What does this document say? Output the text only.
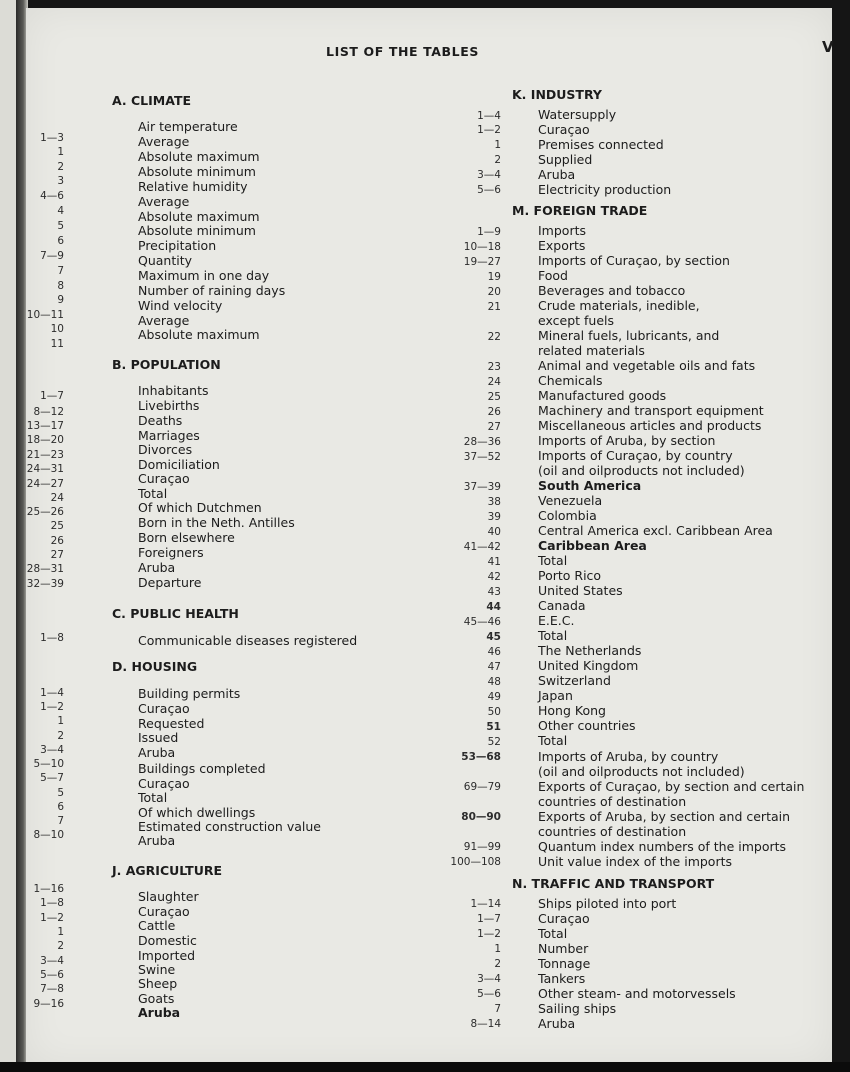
LIST OF THE TABLES	V
1—3
1
2
3
4—6
4
5
6
7—9
7
8
9
10—11
10
11
1—7
8—12
13—17
18—20
21—23
24—31
24—27
24
25—26
25
26
27
28—31
32—39
1—8
1—4
1—2
1
2
3—4
5—10
5—7
5
6
7
8—10
1—16
1—8
1—2
1
2
3—4
5—6
7—8
9—16
A. CLIMATE
Air temperature
Average
Absolute maximum
Absolute minimum
Relative humidity
Average
Absolute maximum
Absolute minimum
Precipitation
Quantity
Maximum in one day
Number of raining days
Wind velocity
Average
Absolute maximum
B. POPULATION
Inhabitants
Livebirths
Deaths
Marriages
Divorces
Domiciliation
Curaçao
Total
Of which Dutchmen
Born in the Neth. Antilles
Born elsewhere
Foreigners
Aruba
Departure
C. PUBLIC HEALTH
Communicable diseases registered
D. HOUSING
Building permits
Curaçao
Requested
Issued
Aruba
Buildings completed
Curaçao
Total
Of which dwellings
Estimated construction value
Aruba
J. AGRICULTURE
Slaughter
Curaçao
Cattle
Domestic
Imported
Swine
Sheep
Goats
Aruba
1—4
1—2
1
2
3—4
5—6
1—9
10—18
19—27
19
20
21
22
23
24
25
26
27
28—36
37—52
37—39
38
39
40
41—42
41
42
43
44
45—46
45
46
47
48
49
50
51
52
53—68
69—79
80—90
91—99
100—108
1—14
1—7
1—2
1
2
3—4
5—6
7
8—14
K. INDUSTRY
Watersupply
Curaçao
Premises connected
Supplied
Aruba
Electricity production
M. FOREIGN TRADE
Imports
Exports
Imports of Curaçao, by section
Food
Beverages and tobacco
Crude materials, inedible,
except fuels
Mineral fuels, lubricants, and
related materials
Animal and vegetable oils and fats
Chemicals
Manufactured goods
Machinery and transport equipment
Miscellaneous articles and products
Imports of Aruba, by section
Imports of Curaçao, by country
(oil and oilproducts not included)
South America
Venezuela
Colombia
Central America excl. Caribbean Area
Caribbean Area
Total
Porto Rico
United States
Canada
E.E.C.
Total
The Netherlands
United Kingdom
Switzerland
Japan
Hong Kong
Other countries
Total
Imports of Aruba, by country
(oil and oilproducts not included)
Exports of Curaçao, by section and certain
countries of destination
Exports of Aruba, by section and certain
countries of destination
Quantum index numbers of the imports
Unit value index of the imports
N. TRAFFIC AND TRANSPORT
Ships piloted into port
Curaçao
Total
Number
Tonnage
Tankers
Other steam- and motorvessels
Sailing ships
Aruba
